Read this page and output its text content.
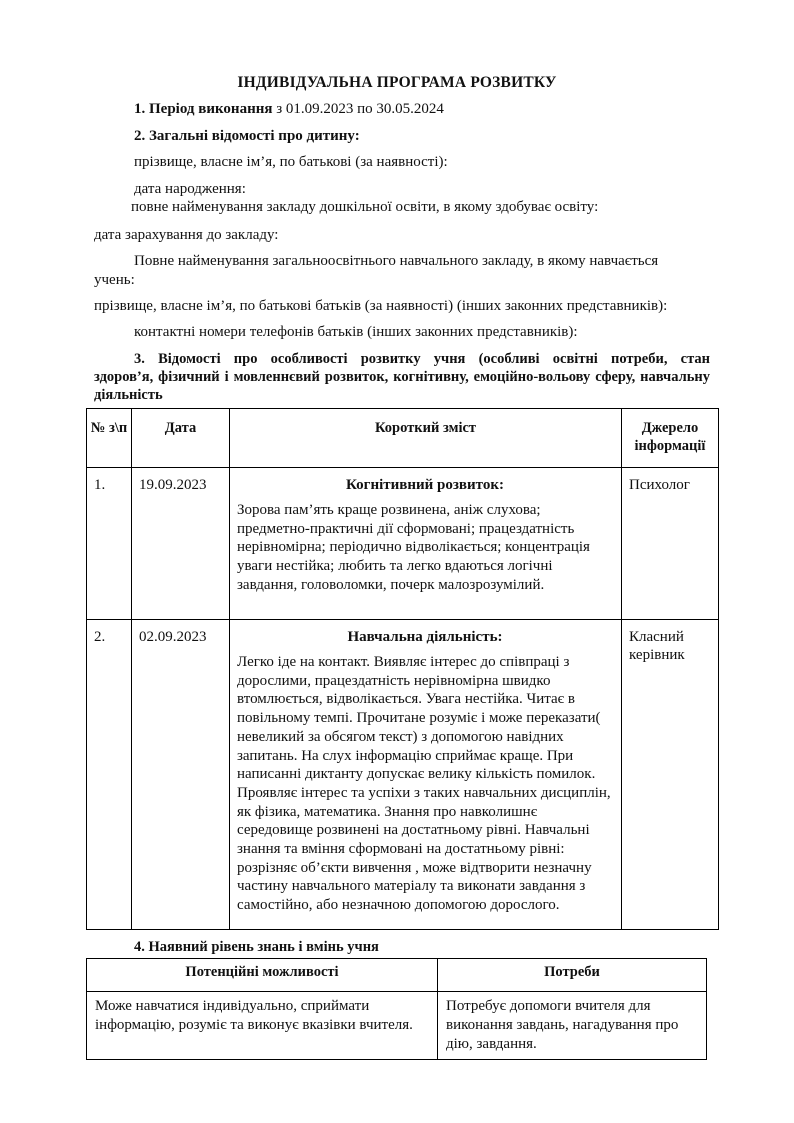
ІНДИВІДУАЛЬНА ПРОГРАМА РОЗВИТКУ
1. Період виконання з 01.09.2023 по 30.05.2024
2. Загальні відомості про дитину:
прізвище, власне ім’я, по батькові (за наявності):
дата народження:
повне найменування закладу дошкільної освіти, в якому здобуває освіту:
дата зарахування до закладу:
Повне найменування загальноосвітнього навчального закладу, в якому навчається
учень:
прізвище, власне ім’я, по батькові батьків (за наявності) (інших законних представників):
контактні номери телефонів батьків (інших законних представників):
3. Відомості про особливості розвитку учня (особливі освітні потреби, стан
здоров’я, фізичний і мовленнєвий розвиток, когнітивну, емоційно-вольову сферу, навчальну діяльність
№ з\п	Дата	Короткий зміст	Джерело інформації

1.	19.09.2023	Когнітивний розвиток:
Зорова пам’ять краще розвинена, аніж слухова; предметно-практичні дії сформовані; працездатність нерівномірна; періодично відволікається; концентрація уваги нестійка; любить та легко вдаються логічні завдання, головоломки, почерк малозрозумілий.	Психолог
2.	02.09.2023	Навчальна діяльність:
Легко іде на контакт. Виявляє інтерес до співпраці з дорослими, працездатність нерівномірна швидко втомлюється, відволікається. Увага нестійка. Читає в повільному темпі. Прочитане розуміє і може переказати( невеликий за обсягом текст) з допомогою навідних запитань. На слух інформацію сприймає краще. При написанні диктанту допускає велику кількість помилок. Проявляє інтерес та успіхи з таких навчальних дисциплін, як фізика, математика. Знання про навколишнє середовище розвинені на достатньому рівні. Навчальні знання та вміння сформовані на достатньому рівні: розрізняє об’єкти вивчення , може відтворити незначну частину навчального матеріалу та виконати завдання з самостійно, або незначною допомогою дорослого.	Класний керівник
4. Наявний рівень знань і вмінь учня
Потенційні можливості	Потреби
Може навчатися індивідуально, сприймати інформацію, розуміє та виконує вказівки вчителя.	Потребує допомоги вчителя для виконання завдань, нагадування про дію, завдання.
